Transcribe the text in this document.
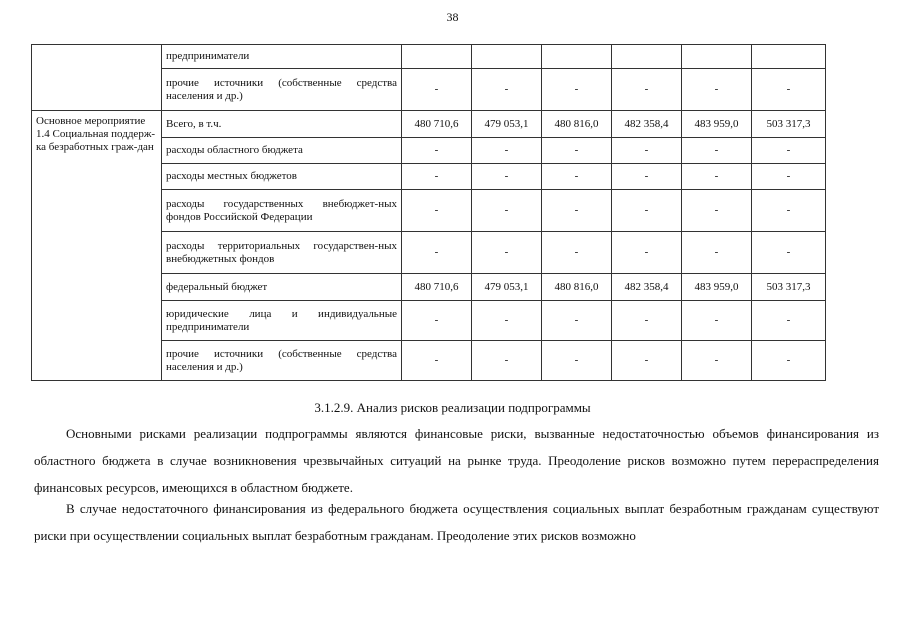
38
	предприниматели						
	прочие источники (собственные средства населения и др.)	-	-	-	-	-	-
Основное мероприятие 1.4 Социальная поддерж-ка безработных граж-дан	Всего, в т.ч.	480 710,6	479 053,1	480 816,0	482 358,4	483 959,0	503 317,3
	расходы областного бюджета	-	-	-	-	-	-
	расходы местных бюджетов	-	-	-	-	-	-
	расходы государственных внебюджет-ных фондов Российской Федерации	-	-	-	-	-	-
	расходы территориальных государствен-ных внебюджетных фондов	-	-	-	-	-	-
	федеральный бюджет	480 710,6	479 053,1	480 816,0	482 358,4	483 959,0	503 317,3
	юридические лица и индивидуальные предприниматели	-	-	-	-	-	-
	прочие источники (собственные средства населения и др.)	-	-	-	-	-	-
3.1.2.9. Анализ рисков реализации подпрограммы

Основными рисками реализации подпрограммы являются финансовые риски, вызванные недостаточностью объемов финансирования из областного бюджета в случае возникновения чрезвычайных ситуаций на рынке труда. Преодоление рисков возможно путем перераспределения финансовых ресурсов, имеющихся в областном бюджете.

В случае недостаточного финансирования из федерального бюджета осуществления социальных выплат безработным гражданам существуют риски при осуществлении социальных выплат безработным гражданам. Преодоление этих рисков возможно
